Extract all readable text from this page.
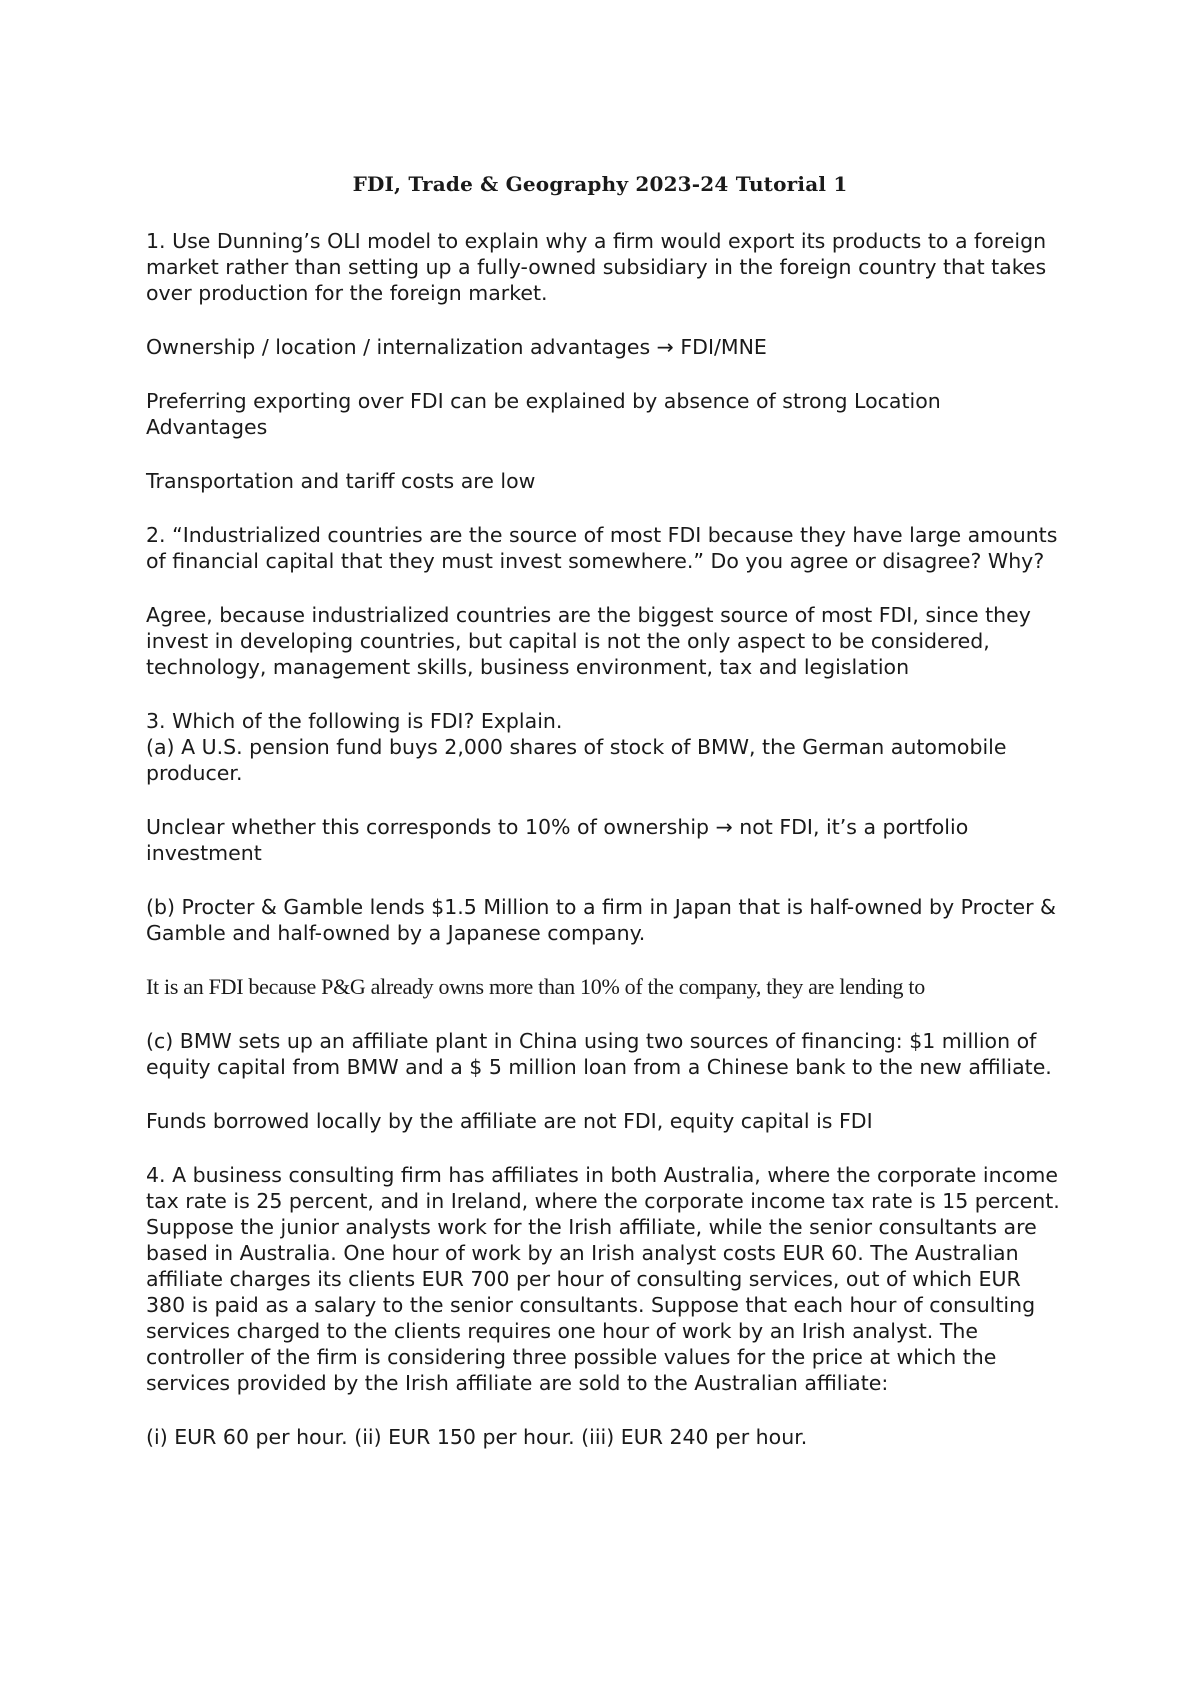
FDI, Trade & Geography 2023-24 Tutorial 1

1. Use Dunning’s OLI model to explain why a firm would export its products to a foreign market rather than setting up a fully-owned subsidiary in the foreign country that takes over production for the foreign market.

Ownership / location / internalization advantages → FDI/MNE

Preferring exporting over FDI can be explained by absence of strong Location Advantages

Transportation and tariff costs are low

2. “Industrialized countries are the source of most FDI because they have large amounts of financial capital that they must invest somewhere.” Do you agree or disagree? Why?

Agree, because industrialized countries are the biggest source of most FDI, since they invest in developing countries, but capital is not the only aspect to be considered, technology, management skills, business environment, tax and legislation

3. Which of the following is FDI? Explain.

(a) A U.S. pension fund buys 2,000 shares of stock of BMW, the German automobile producer.

Unclear whether this corresponds to 10% of ownership → not FDI, it’s a portfolio investment

(b) Procter & Gamble lends $1.5 Million to a firm in Japan that is half-owned by Procter & Gamble and half-owned by a Japanese company.

It is an FDI because P&G already owns more than 10% of the company, they are lending to

(c) BMW sets up an affiliate plant in China using two sources of financing: $1 million of equity capital from BMW and a $ 5 million loan from a Chinese bank to the new affiliate.

Funds borrowed locally by the affiliate are not FDI, equity capital is FDI

4. A business consulting firm has affiliates in both Australia, where the corporate income tax rate is 25 percent, and in Ireland, where the corporate income tax rate is 15 percent. Suppose the junior analysts work for the Irish affiliate, while the senior consultants are based in Australia. One hour of work by an Irish analyst costs EUR 60. The Australian affiliate charges its clients EUR 700 per hour of consulting services, out of which EUR 380 is paid as a salary to the senior consultants. Suppose that each hour of consulting services charged to the clients requires one hour of work by an Irish analyst. The controller of the firm is considering three possible values for the price at which the services provided by the Irish affiliate are sold to the Australian affiliate:

(i) EUR 60 per hour. (ii) EUR 150 per hour. (iii) EUR 240 per hour.
